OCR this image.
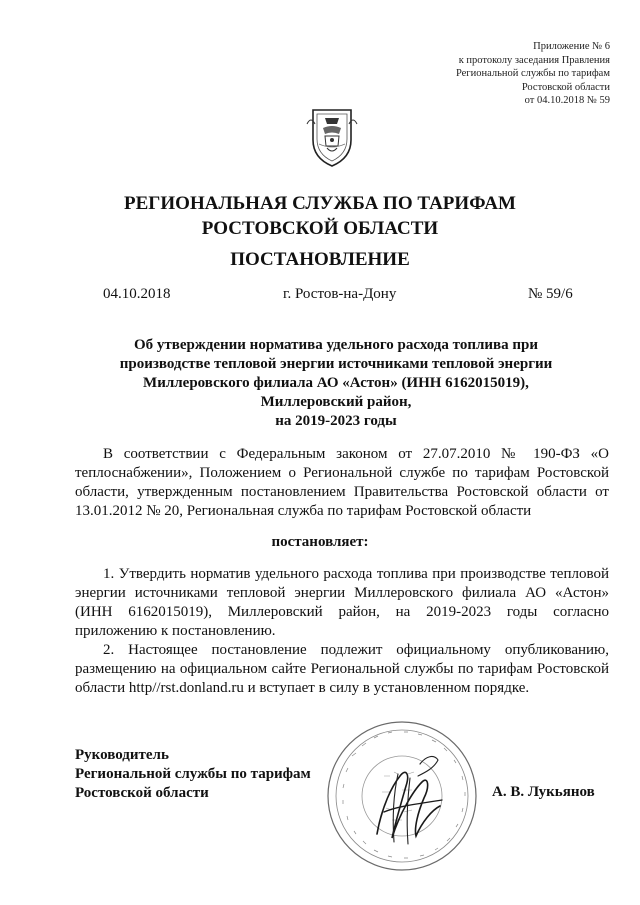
Приложение № 6
к протоколу заседания Правления
Региональной службы по тарифам
Ростовской области
от 04.10.2018 № 59
РЕГИОНАЛЬНАЯ СЛУЖБА ПО ТАРИФАМ
РОСТОВСКОЙ ОБЛАСТИ
ПОСТАНОВЛЕНИЕ
04.10.2018	г. Ростов-на-Дону	№ 59/6
Об утверждении норматива удельного расхода топлива при
производстве тепловой энергии источниками тепловой энергии
Миллеровского филиала АО «Астон» (ИНН 6162015019),
Миллеровский район,
на 2019-2023 годы
В соответствии с Федеральным законом от 27.07.2010 № 190-ФЗ «О теплоснабжении», Положением о Региональной службе по тарифам Ростовской области, утвержденным постановлением Правительства Ростовской области от 13.01.2012 № 20, Региональная служба по тарифам Ростовской области
постановляет:
1. Утвердить норматив удельного расхода топлива при производстве тепловой энергии источниками тепловой энергии Миллеровского филиала АО «Астон» (ИНН 6162015019), Миллеровский район, на 2019-2023 годы согласно приложению к постановлению.
2. Настоящее постановление подлежит официальному опубликованию, размещению на официальном сайте Региональной службы по тарифам Ростовской области http//rst.donland.ru и вступает в силу в установленном порядке.
Руководитель
Региональной службы по тарифам
Ростовской области	А. В. Лукьянов
